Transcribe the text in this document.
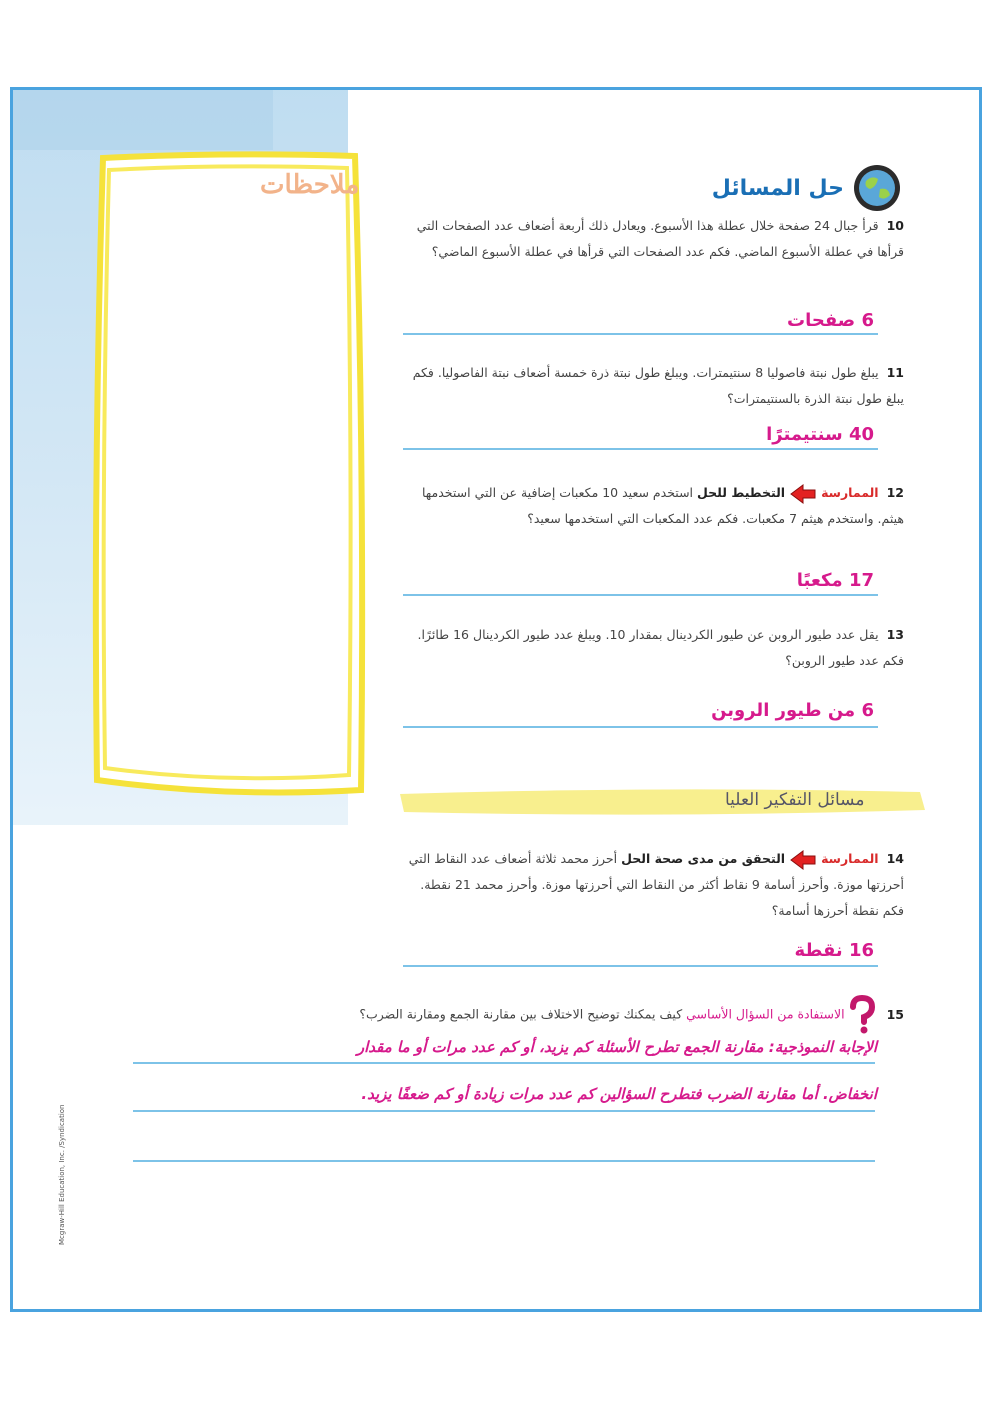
ملاحظات
Mcgraw-Hill Education, Inc. /Syndication
حل المسائل
10قرأ جبال 24 صفحة خلال عطلة هذا الأسبوع. ويعادل ذلك أربعة أضعاف عدد الصفحات التي قرأها في عطلة الأسبوع الماضي. فكم عدد الصفحات التي قرأها في عطلة الأسبوع الماضي؟
6 صفحات
11يبلغ طول نبتة فاصوليا 8 سنتيمترات. ويبلغ طول نبتة ذرة خمسة أضعاف نبتة الفاصوليا. فكم يبلغ طول نبتة الذرة بالسنتيمترات؟
40 سنتيمترًا
12الممارسةالتخطيط للحل استخدم سعيد 10 مكعبات إضافية عن التي استخدمها هيثم. واستخدم هيثم 7 مكعبات. فكم عدد المكعبات التي استخدمها سعيد؟
17 مكعبًا
13يقل عدد طيور الروبن عن طيور الكردينال بمقدار 10. ويبلغ عدد طيور الكردينال 16 طائرًا. فكم عدد طيور الروبن؟
6 من طيور الروبن
مسائل التفكير العليا
14الممارسةالتحقق من مدى صحة الحل أحرز محمد ثلاثة أضعاف عدد النقاط التي أحرزتها موزة. وأحرز أسامة 9 نقاط أكثر من النقاط التي أحرزتها موزة. وأحرز محمد 21 نقطة. فكم نقطة أحرزها أسامة؟
16 نقطة
15الاستفادة من السؤال الأساسي كيف يمكنك توضيح الاختلاف بين مقارنة الجمع ومقارنة الضرب؟
الإجابة النموذجية: مقارنة الجمع تطرح الأسئلة كم يزيد، أو كم عدد مرات أو ما مقدار
انخفاض. أما مقارنة الضرب فتطرح السؤالين كم عدد مرات زيادة أو كم ضعفًا يزيد.
